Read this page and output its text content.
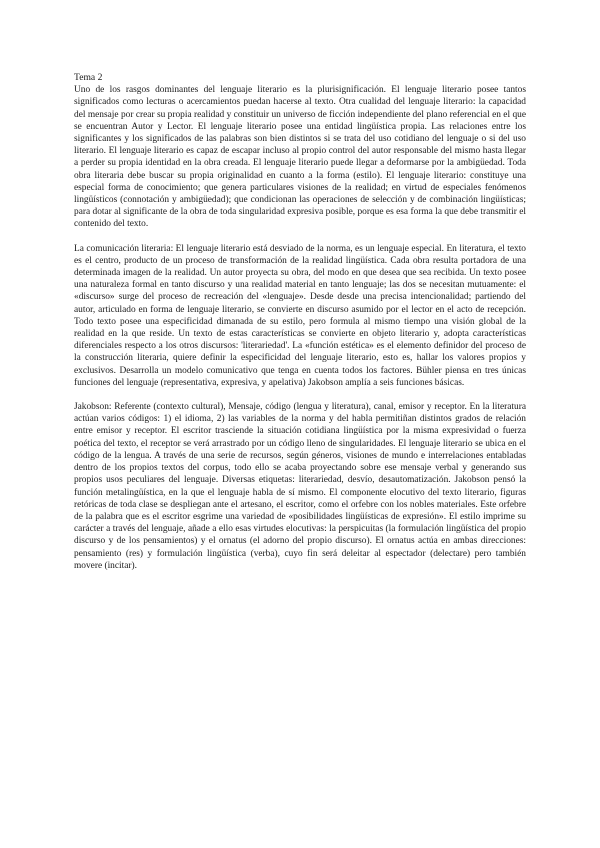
Tema 2

Uno de los rasgos dominantes del lenguaje literario es la plurisignificación. El lenguaje literario posee tantos significados como lecturas o acercamientos puedan hacerse al texto. Otra cualidad del lenguaje literario: la capacidad del mensaje por crear su propia realidad y constituir un universo de ficción independiente del plano referencial en el que se encuentran Autor y Lector. El lenguaje literario posee una entidad lingüística propia. Las relaciones entre los significantes y los significados de las palabras son bien distintos si se trata del uso cotidiano del lenguaje o si del uso literario. El lenguaje literario es capaz de escapar incluso al propio control del autor responsable del mismo hasta llegar a perder su propia identidad en la obra creada. El lenguaje literario puede llegar a deformarse por la ambigüedad. Toda obra literaria debe buscar su propia originalidad en cuanto a la forma (estilo). El lenguaje literario: constituye una especial forma de conocimiento; que genera particulares visiones de la realidad; en virtud de especiales fenómenos lingüísticos (connotación y ambigüedad); que condicionan las operaciones de selección y de combinación lingüísticas; para dotar al significante de la obra de toda singularidad expresiva posible, porque es esa forma la que debe transmitir el contenido del texto.

La comunicación literaria: El lenguaje literario está desviado de la norma, es un lenguaje especial. En literatura, el texto es el centro, producto de un proceso de transformación de la realidad lingüística. Cada obra resulta portadora de una determinada imagen de la realidad. Un autor proyecta su obra, del modo en que desea que sea recibida. Un texto posee una naturaleza formal en tanto discurso y una realidad material en tanto lenguaje; las dos se necesitan mutuamente: el «discurso» surge del proceso de recreación del «lenguaje». Desde desde una precisa intencionalidad; partiendo del autor, articulado en forma de lenguaje literario, se convierte en discurso asumido por el lector en el acto de recepción. Todo texto posee una especificidad dimanada de su estilo, pero formula al mismo tiempo una visión global de la realidad en la que reside. Un texto de estas características se convierte en objeto literario y, adopta características diferenciales respecto a los otros discursos: 'literariedad'. La «función estética» es el elemento definidor del proceso de la construcción literaria, quiere definir la especificidad del lenguaje literario, esto es, hallar los valores propios y exclusivos. Desarrolla un modelo comunicativo que tenga en cuenta todos los factores. Bühler piensa en tres únicas funciones del lenguaje (representativa, expresiva, y apelativa) Jakobson amplía a seis funciones básicas.

Jakobson: Referente (contexto cultural), Mensaje, código (lengua y literatura), canal, emisor y receptor. En la literatura actúan varios códigos: 1) el idioma, 2) las variables de la norma y del habla permitiñan distintos grados de relación entre emisor y receptor. El escritor trasciende la situación cotidiana lingüística por la misma expresividad o fuerza poética del texto, el receptor se verá arrastrado por un código lleno de singularidades. El lenguaje literario se ubica en el código de la lengua. A través de una serie de recursos, según géneros, visiones de mundo e interrelaciones entabladas dentro de los propios textos del corpus, todo ello se acaba proyectando sobre ese mensaje verbal y generando sus propios usos peculiares del lenguaje. Diversas etiquetas: literariedad, desvío, desautomatización. Jakobson pensó la función metalingüística, en la que el lenguaje habla de sí mismo. El componente elocutivo del texto literario, figuras retóricas de toda clase se despliegan ante el artesano, el escritor, como el orfebre con los nobles materiales. Este orfebre de la palabra que es el escritor esgrime una variedad de «posibilidades lingüísticas de expresión». El estilo imprime su carácter a través del lenguaje, añade a ello esas virtudes elocutivas: la perspicuitas (la formulación lingüística del propio discurso y de los pensamientos) y el ornatus (el adorno del propio discurso). El ornatus actúa en ambas direcciones: pensamiento (res) y formulación lingüística (verba), cuyo fin será deleitar al espectador (delectare) pero también movere (incitar).
